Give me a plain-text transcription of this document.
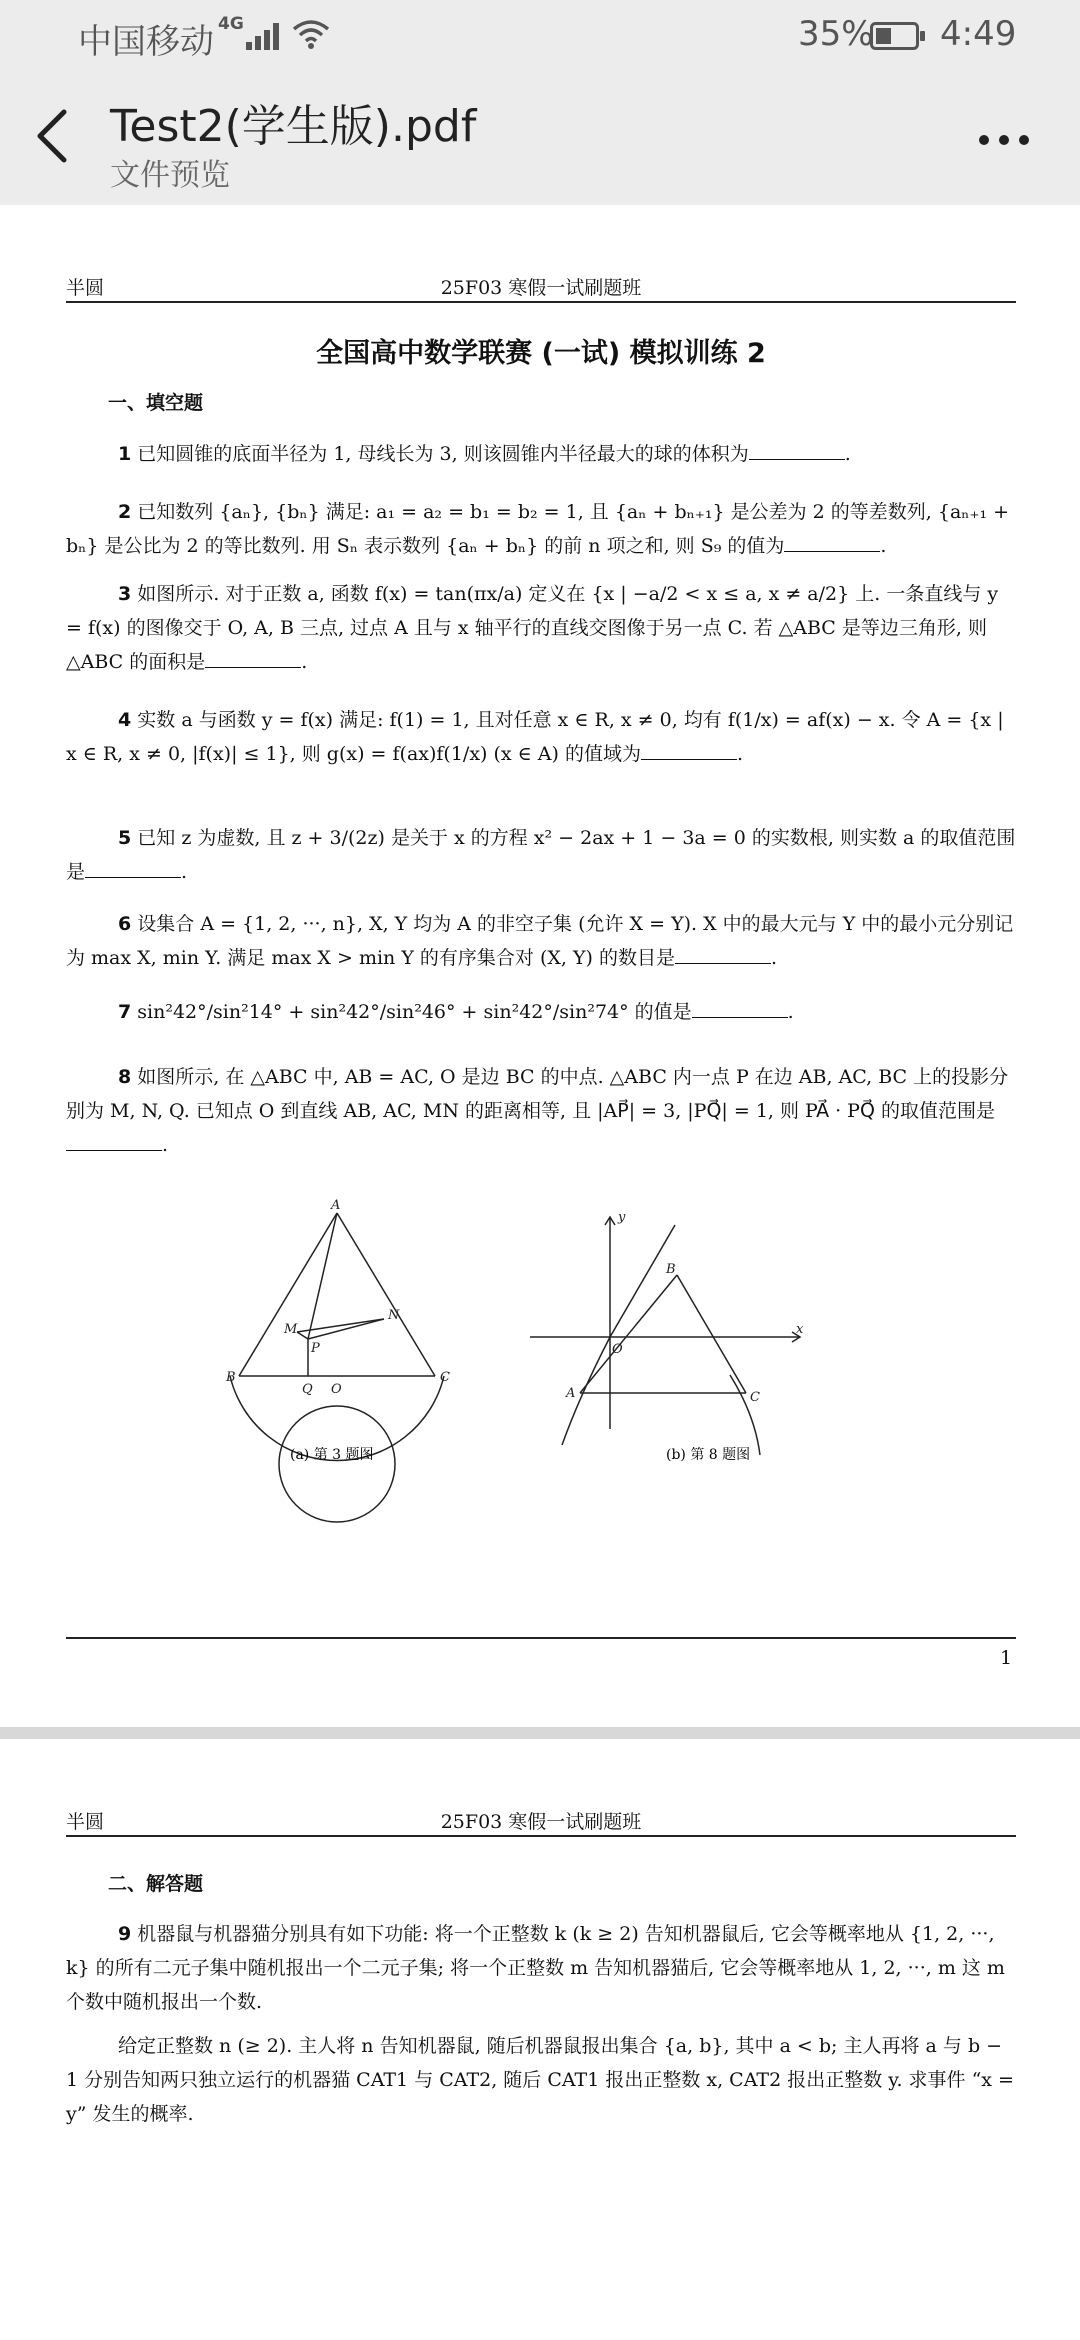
中国移动 4G	35% 4:49
Test2(学生版).pdf
文件预览
半圆	25F03 寒假一试刷题班
全国高中数学联赛 (一试) 模拟训练 2
一、填空题
1 已知圆锥的底面半径为 1, 母线长为 3, 则该圆锥内半径最大的球的体积为	.
2 已知数列 {aₙ}, {bₙ} 满足: a₁ = a₂ = b₁ = b₂ = 1, 且 {aₙ + bₙ₊₁} 是公差为 2 的等差数列, {aₙ₊₁ + bₙ} 是公比为 2 的等比数列. 用 Sₙ 表示数列 {aₙ + bₙ} 的前 n 项之和, 则 S₉ 的值为	.
3 如图所示. 对于正数 a, 函数 f(x) = tan(πx/a) 定义在 {x | −a/2 < x ≤ a, x ≠ a/2} 上. 一条直线与 y = f(x) 的图像交于 O, A, B 三点, 过点 A 且与 x 轴平行的直线交图像于另一点 C. 若 △ABC 是等边三角形, 则 △ABC 的面积是	.
4 实数 a 与函数 y = f(x) 满足: f(1) = 1, 且对任意 x ∈ R, x ≠ 0, 均有 f(1/x) = af(x) − x. 令 A = {x | x ∈ R, x ≠ 0, |f(x)| ≤ 1}, 则 g(x) = f(ax)f(1/x) (x ∈ A) 的值域为	.
5 已知 z 为虚数, 且 z + 3/(2z) 是关于 x 的方程 x² − 2ax + 1 − 3a = 0 的实数根, 则实数 a 的取值范围是	.
6 设集合 A = {1, 2, ···, n}, X, Y 均为 A 的非空子集 (允许 X = Y). X 中的最大元与 Y 中的最小元分别记为 max X, min Y. 满足 max X > min Y 的有序集合对 (X, Y) 的数目是	.
7 sin²42°/sin²14° + sin²42°/sin²46° + sin²42°/sin²74° 的值是	.
8 如图所示, 在 △ABC 中, AB = AC, O 是边 BC 的中点. △ABC 内一点 P 在边 AB, AC, BC 上的投影分别为 M, N, Q. 已知点 O 到直线 AB, AC, MN 的距离相等, 且 |AP⃗| = 3, |PQ⃗| = 1, 则 PA⃗ · PQ⃗ 的取值范围是.
A
M
N
P
B
Q O
C
(a) 第 3 题图
y
x
B
O
A	C
(b) 第 8 题图
1
半圆	25F03 寒假一试刷题班
二、解答题
9 机器鼠与机器猫分别具有如下功能: 将一个正整数 k (k ≥ 2) 告知机器鼠后, 它会等概率地从 {1, 2, ···, k} 的所有二元子集中随机报出一个二元子集; 将一个正整数 m 告知机器猫后, 它会等概率地从 1, 2, ···, m 这 m 个数中随机报出一个数.
给定正整数 n (≥ 2). 主人将 n 告知机器鼠, 随后机器鼠报出集合 {a, b}, 其中 a < b; 主人再将 a 与 b − 1 分别告知两只独立运行的机器猫 CAT1 与 CAT2, 随后 CAT1 报出正整数 x, CAT2 报出正整数 y. 求事件 “x = y” 发生的概率.
